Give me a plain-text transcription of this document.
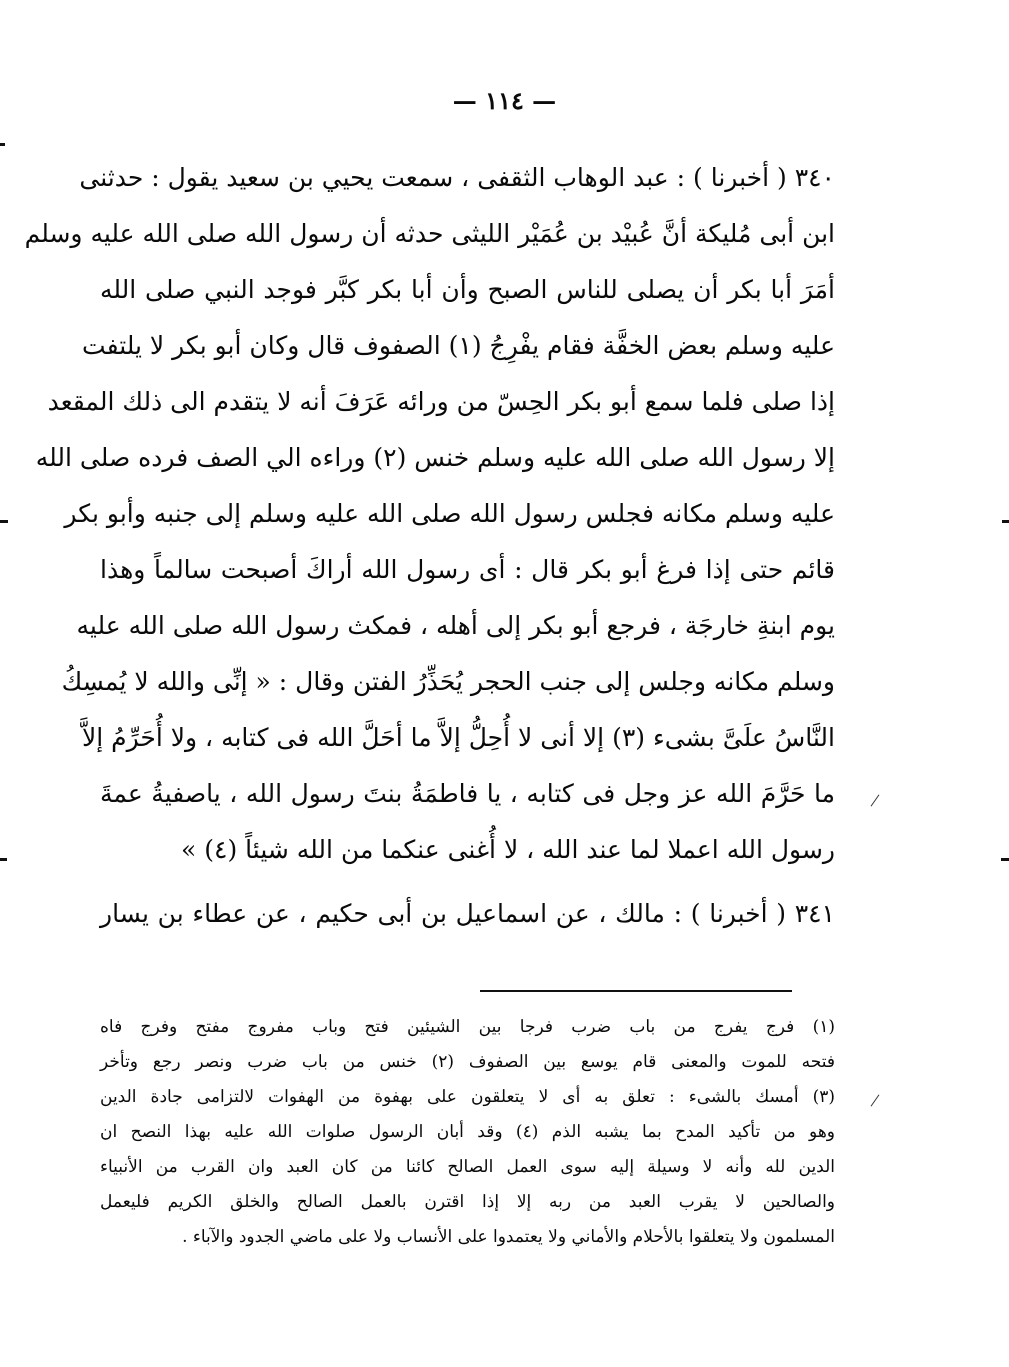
— ١١٤ —
٣٤٠ ( أخبرنا ) : عبد الوهاب الثقفى ، سمعت يحيي بن سعيد يقول : حدثنى
ابن أبى مُليكة أنَّ عُبيْد بن عُمَيْر الليثى حدثه أن رسول الله صلى الله عليه وسلم
أمَرَ أبا بكر أن يصلى للناس الصبح وأن أبا بكر كبَّر فوجد النبي صلى الله
عليه وسلم بعض الخفَّة فقام يفْرِجُ (١) الصفوف قال وكان أبو بكر لا يلتفت
إذا صلى فلما سمع أبو بكر الحِسّ من ورائه عَرَفَ أنه لا يتقدم الى ذلك المقعد
إلا رسول الله صلى الله عليه وسلم خنس (٢) وراءه الي الصف فرده صلى الله
عليه وسلم مكانه فجلس رسول الله صلى الله عليه وسلم إلى جنبه وأبو بكر
قائم حتى إذا فرغ أبو بكر قال : أى رسول الله أراكَ أصبحت سالماً وهذا
يوم ابنةِ خارجَة ، فرجع أبو بكر إلى أهله ، فمكث رسول الله صلى الله عليه
وسلم مكانه وجلس إلى جنب الحجر يُحَذِّرُ الفتن وقال : « إنِّى والله لا يُمسِكُ
النَّاسُ علَىَّ بشىء (٣) إلا أنى لا أُحِلُّ إلاَّ ما أحَلَّ الله فى كتابه ، ولا أُحَرِّمُ إلاَّ
ما حَرَّمَ الله عز وجل فى كتابه ، يا فاطمَةُ بنتَ رسول الله ، ياصفيةُ عمةَ
رسول الله اعملا لما عند الله ، لا أُغنى عنكما من الله شيئاً (٤) »
٣٤١ ( أخبرنا ) : مالك ، عن اسماعيل بن أبى حكيم ، عن عطاء بن يسار
(١) فرج يفرج من باب ضرب فرجا بين الشيئين فتح وباب مفروج مفتح وفرج فاه
فتحه للموت والمعنى قام يوسع بين الصفوف (٢) خنس من باب ضرب ونصر رجع وتأخر
(٣) أمسك بالشىء : تعلق به أى لا يتعلقون على بهفوة من الهفوات لالتزامى جادة الدين
وهو من تأكيد المدح بما يشبه الذم (٤) وقد أبان الرسول صلوات الله عليه بهذا النصح ان
الدين لله وأنه لا وسيلة إليه سوى العمل الصالح كائنا من كان العبد وان القرب من الأنبياء
والصالحين لا يقرب العبد من ربه إلا إذا اقترن بالعمل الصالح والخلق الكريم فليعمل
المسلمون ولا يتعلقوا بالأحلام والأماني ولا يعتمدوا على الأنساب ولا على ماضي الجدود والآباء .
